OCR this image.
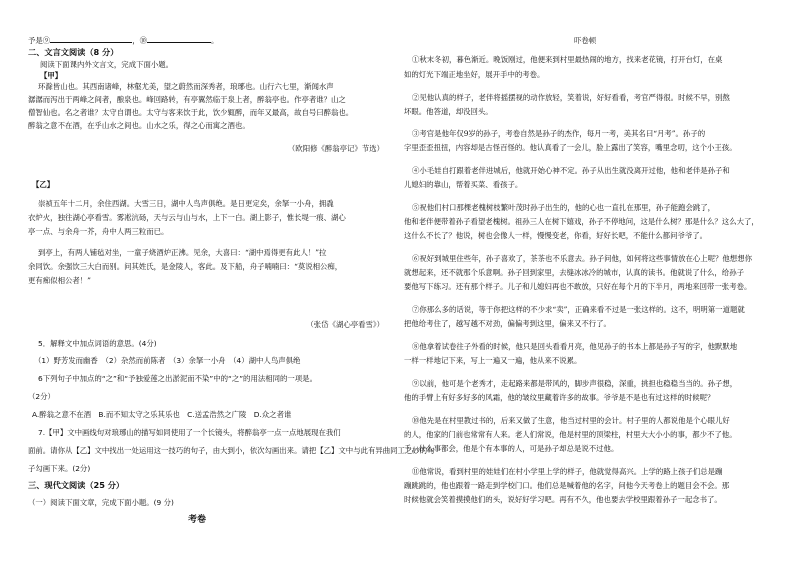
予是⑨	，⑩	。
二、文言文阅读（8 分）
阅读下面课内外文言文，完成下面小题。
【甲】
环滁皆山也。其西南诸峰，林壑尤美，望之蔚然而深秀者，琅琊也。山行六七里，渐闻水声
潺潺而泻出于两峰之间者，酿泉也。峰回路转，有亭翼然临于泉上者，醉翁亭也。作亭者谁？山之
僧智仙也。名之者谁？太守自谓也。太守与客来饮于此，饮少辄醉，而年又最高，故自号曰醉翁也。
醉翁之意不在酒，在乎山水之间也。山水之乐，得之心而寓之酒也。
（欧阳修《醉翁亭记》节选）
【乙】
崇祯五年十二月，余住西湖。大雪三日，湖中人鸟声俱绝。是日更定矣，余拏一小舟，拥毳
衣炉火，独往湖心亭看雪。雾凇沆砀，天与云与山与水，上下一白。湖上影子，惟长堤一痕、湖心
亭一点、与余舟一芥，舟中人两三粒而已。
到亭上，有两人铺毡对坐，一童子烧酒炉正沸。见余，大喜曰：“湖中焉得更有此人！”拉
余同饮。余强饮三大白而别。问其姓氏，是金陵人，客此。及下船，舟子喃喃曰：“莫说相公痴，
更有痴似相公者！”
（张岱《湖心亭看雪》）
5．解释文中加点词语的意思。(4分)
（1）野芳发而幽香　（2）杂然而前陈者　（3）余拏一小舟　（4）湖中人鸟声俱绝
6下列句子中加点的“之”和“予独爱莲之出淤泥而不染”中的“之”的用法相同的一项是。
（2分）
A.醉翁之意不在酒　B.而不知太守之乐其乐也　C.送孟浩然之广陵　D.众之者谁
7.【甲】文中画线句对琅琊山的描写如同使用了一个长镜头，将醉翁亭一点一点地展现在我们
面前。请你从【乙】文中找出一处运用这一技巧的句子，由大到小，依次勾画出来。请把【乙】文中与此有异曲同工之妙的句
子勾画下来。(2分)
三、现代文阅读（25 分）
（一）阅读下面文章，完成下面小题。(9 分)
考卷
吓卷顿
①秋末冬初，暮色渐近。晚饭刚过，他便来到村里最热闹的地方，找来老花镜，打开台灯，在桌
如的灯光下端正地坐好，展开手中的考卷。
②见他认真的样子，老伴将摇摆视的动作放轻，笑着说，好好看看，考官严得很。时候不早，别熬
坏眼。他答道，却没回头。
③考官是他年仅9岁的孙子，考卷自然是孙子的杰作，每月一考，美其名曰“月考”。孙子的
字里歪歪扭扭，内容却是古怪百怪的。他认真看了一会儿，脸上露出了笑容，嘴里念叨，这个小王孩。
④小毛娃自打跟着老伴进城后，他就开始心神不定。孙子从出生就没离开过他，他和老伴是孙子和
儿媳妇的靠山，帮着买菜、看孩子。
⑤祝他们村口那棵老槐树枝繁叶茂时孙子出生的，他的心也一直扎在那里，孙子能跑会跳了，
他和老伴便带着孙子看望老槐树。祖孙三人在树下嬉戏，孙子不停地问，这是什么树？那是什么？这么大了，
这什么不长了？他说，树也会像人一样，慢慢变老，你看，好好长吧，不能什么都问爷爷了。
⑥祝好到城里住些年，孙子喜欢了，茶茶也不乐意去。孙子问他，如何将这些事情放在心上呢？他想想你
就想起来，还不就那个乐意啊。孙子回到家里，去缝冰冰冷的城市，认真的读书。他就说了什么，给孙子
要他写下练习。还有那个样子。儿子和儿媳妇再也不敢放，只好在每个月的下半月，两地来回带一张考卷。
⑦你那么多的话说，等于你把这样的不少求“卖”，正确来看不过是一张这样的。这不，明明第一道题就
把他给考住了，越写越不对劲，偏偏考到这里，偏来又不行了。
⑧他拿着试卷往子外看的时候，他只是回头看看月亮，他见孙子的书本上都是孙子写的字，他默默地
一样一样地记下来，写上一遍又一遍，他从来不说累。
⑨以前，他可是个老秀才，走起路来都是带风的，脚步声很稳，深重，挑担也稳稳当当的。孙子想，
他的手臂上有好多好多的风霜，他的皱纹里藏着许多的故事。爷爷是不是也有过这样的时候呢？
⑩他先是在村里教过书的，后来又做了生意，他当过村里的会计。村子里的人都说他是个心眼儿好
的人，他家的门前也常常有人来。老人们常说，他是村里的顶梁柱，村里大大小小的事，都少不了他。
千，什么事都会，他是个有本事的人，可是孙子却总是说不过他。
⑪他常说，看到村里的娃娃们在村小学里上学的样子，他就觉得高兴。上学的路上孩子们总是蹦
蹦跳跳的，他也跟着一路走到学校门口。他们总是喊着他的名字，问他今天考卷上的题目会不会。那
时候他就会笑着摸摸他们的头，说好好学习吧。再有不久，他也要去学校里跟着孙子一起念书了。
